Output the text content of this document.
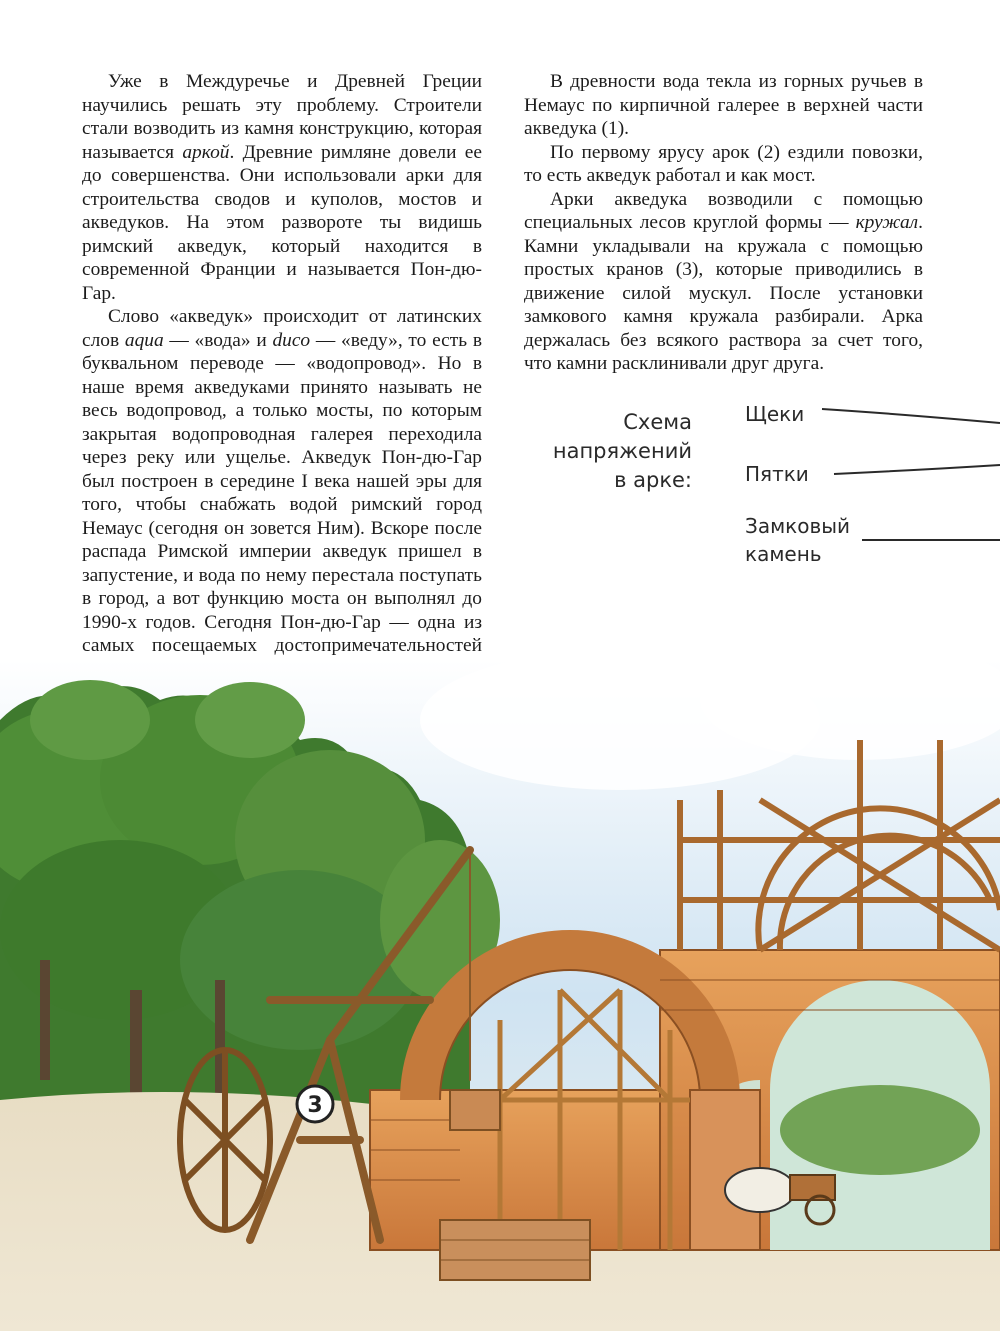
Уже в Междуречье и Древней Греции научились решать эту проблему. Строители стали возводить из камня конструкцию, которая называется аркой. Древние римляне довели ее до совершенства. Они использовали арки для строительства сводов и куполов, мостов и акведуков. На этом развороте ты видишь римский акведук, который находится в современной Франции и называется Пон-дю-Гар.

Слово «акведук» происходит от латинских слов aqua — «вода» и duco — «веду», то есть в буквальном переводе — «водопровод». Но в наше время акведуками принято называть не весь водопровод, а только мосты, по которым закрытая водопроводная галерея переходила через реку или ущелье. Акведук Пон-дю-Гар был построен в середине I века нашей эры для того, чтобы снабжать водой римский город Немаус (сегодня он зовется Ним). Вскоре после распада Римской империи акведук пришел в запустение, и вода по нему перестала поступать в город, а вот функцию моста он выполнял до 1990-х годов. Сегодня Пон-дю-Гар — одна из самых посещаемых достопримечательностей

В древности вода текла из горных ручьев в Немаус по кирпичной галерее в верхней части акведука (1).

По первому ярусу арок (2) ездили повозки, то есть акведук работал и как мост.

Арки акведука возводили с помощью специальных лесов круглой формы — кружал. Камни укладывали на кружала с помощью простых кранов (3), которые приводились в движение силой мускул. После установки замкового камня кружала разбирали. Арка держалась без всякого раствора за счет того, что камни расклинивали друг друга.

Схема
напряжений
в арке:
Щеки
Пятки
Замковый
камень
3
